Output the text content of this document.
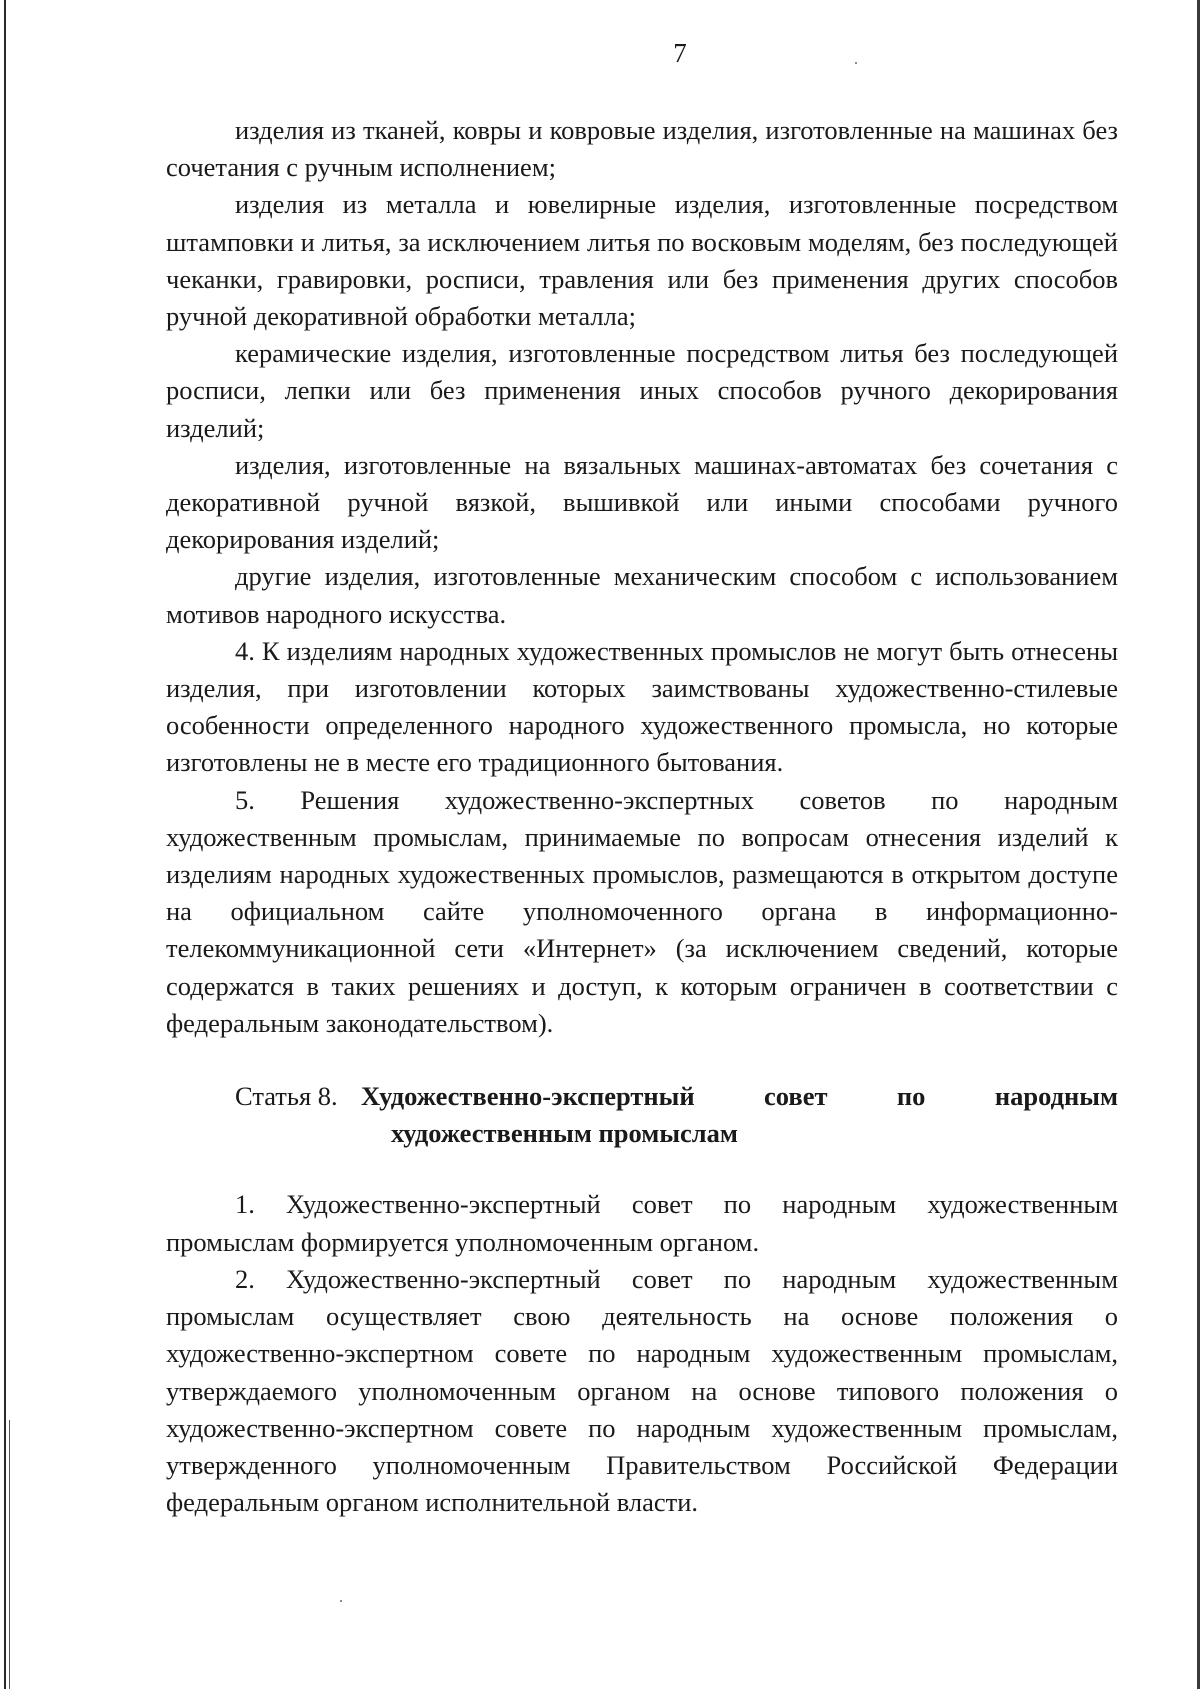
7

изделия из тканей, ковры и ковровые изделия, изготовленные на машинах без сочетания с ручным исполнением;

изделия из металла и ювелирные изделия, изготовленные посредством штамповки и литья, за исключением литья по восковым моделям, без последующей чеканки, гравировки, росписи, травления или без применения других способов ручной декоративной обработки металла;

керамические изделия, изготовленные посредством литья без последующей росписи, лепки или без применения иных способов ручного декорирования изделий;

изделия, изготовленные на вязальных машинах-автоматах без сочетания с декоративной ручной вязкой, вышивкой или иными способами ручного декорирования изделий;

другие изделия, изготовленные механическим способом с использованием мотивов народного искусства.

4. К изделиям народных художественных промыслов не могут быть отнесены изделия, при изготовлении которых заимствованы художественно-стилевые особенности определенного народного художественного промысла, но которые изготовлены не в месте его традиционного бытования.

5. Решения художественно-экспертных советов по народным художественным промыслам, принимаемые по вопросам отнесения изделий к изделиям народных художественных промыслов, размещаются в открытом доступе на официальном сайте уполномоченного органа в информационно-телекоммуникационной сети «Интернет» (за исключением сведений, которые содержатся в таких решениях и доступ, к которым ограничен в соответствии с федеральным законодательством).

Статья 8. Художественно-экспертный совет по народным
художественным промыслам

1. Художественно-экспертный совет по народным художественным промыслам формируется уполномоченным органом.

2. Художественно-экспертный совет по народным художественным промыслам осуществляет свою деятельность на основе положения о художественно-экспертном совете по народным художественным промыслам, утверждаемого уполномоченным органом на основе типового положения о художественно-экспертном совете по народным художественным промыслам, утвержденного уполномоченным Правительством Российской Федерации федеральным органом исполнительной власти.
